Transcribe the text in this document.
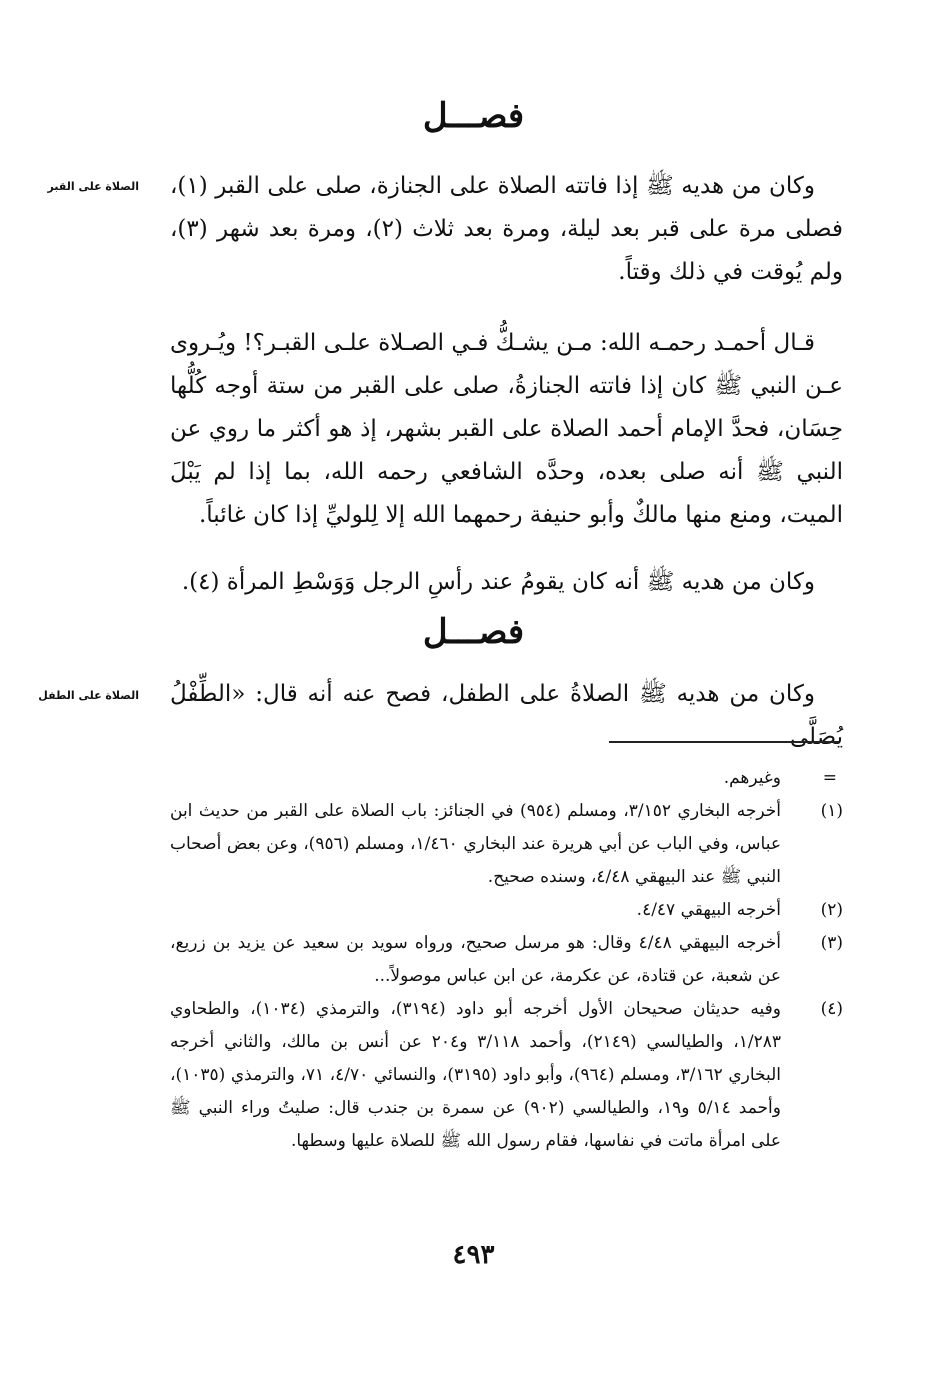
فصـــل
الصلاة على القبر وكان من هديه ﷺ إذا فاتته الصلاة على الجنازة، صلى على القبر (١)، فصلى مرة على قبر بعد ليلة، ومرة بعد ثلاث (٢)، ومرة بعد شهر (٣)، ولم يُوقت في ذلك وقتاً.

قـال أحمـد رحمـه الله: مـن يشـكُّ فـي الصـلاة علـى القبـر؟! ويُـروى عـن النبي ﷺ كان إذا فاتته الجنازةُ، صلى على القبر من ستة أوجه كُلُّها حِسَان، فحدَّ الإمام أحمد الصلاة على القبر بشهر، إذ هو أكثر ما روي عن النبي ﷺ أنه صلى بعده، وحدَّه الشافعي رحمه الله، بما إذا لم يَبْلَ الميت، ومنع منها مالكٌ وأبو حنيفة رحمهما الله إلا لِلوليِّ إذا كان غائباً.

وكان من هديه ﷺ أنه كان يقومُ عند رأسِ الرجل وَوَسْطِ المرأة (٤).

فصـــل
الصلاة على الطفل وكان من هديه ﷺ الصلاةُ على الطفل، فصح عنه أنه قال: «الطِّفْلُ يُصَلَّى

=
وغيرهم.
(١)
أخرجه البخاري ٣/١٥٢، ومسلم (٩٥٤) في الجنائز: باب الصلاة على القبر من حديث ابن عباس، وفي الباب عن أبي هريرة عند البخاري ١/٤٦٠، ومسلم (٩٥٦)، وعن بعض أصحاب النبي ﷺ عند البيهقي ٤/٤٨، وسنده صحيح.
(٢)
أخرجه البيهقي ٤/٤٧.
(٣)
أخرجه البيهقي ٤/٤٨ وقال: هو مرسل صحيح، ورواه سويد بن سعيد عن يزيد بن زريع، عن شعبة، عن قتادة، عن عكرمة، عن ابن عباس موصولاً...
(٤)
وفيه حديثان صحيحان الأول أخرجه أبو داود (٣١٩٤)، والترمذي (١٠٣٤)، والطحاوي ١/٢٨٣، والطيالسي (٢١٤٩)، وأحمد ٣/١١٨ و٢٠٤ عن أنس بن مالك، والثاني أخرجه البخاري ٣/١٦٢، ومسلم (٩٦٤)، وأبو داود (٣١٩٥)، والنسائي ٤/٧٠، ٧١، والترمذي (١٠٣٥)، وأحمد ٥/١٤ و١٩، والطيالسي (٩٠٢) عن سمرة بن جندب قال: صليتُ وراء النبي ﷺ على امرأة ماتت في نفاسها، فقام رسول الله ﷺ للصلاة عليها وسطها.
٤٩٣
